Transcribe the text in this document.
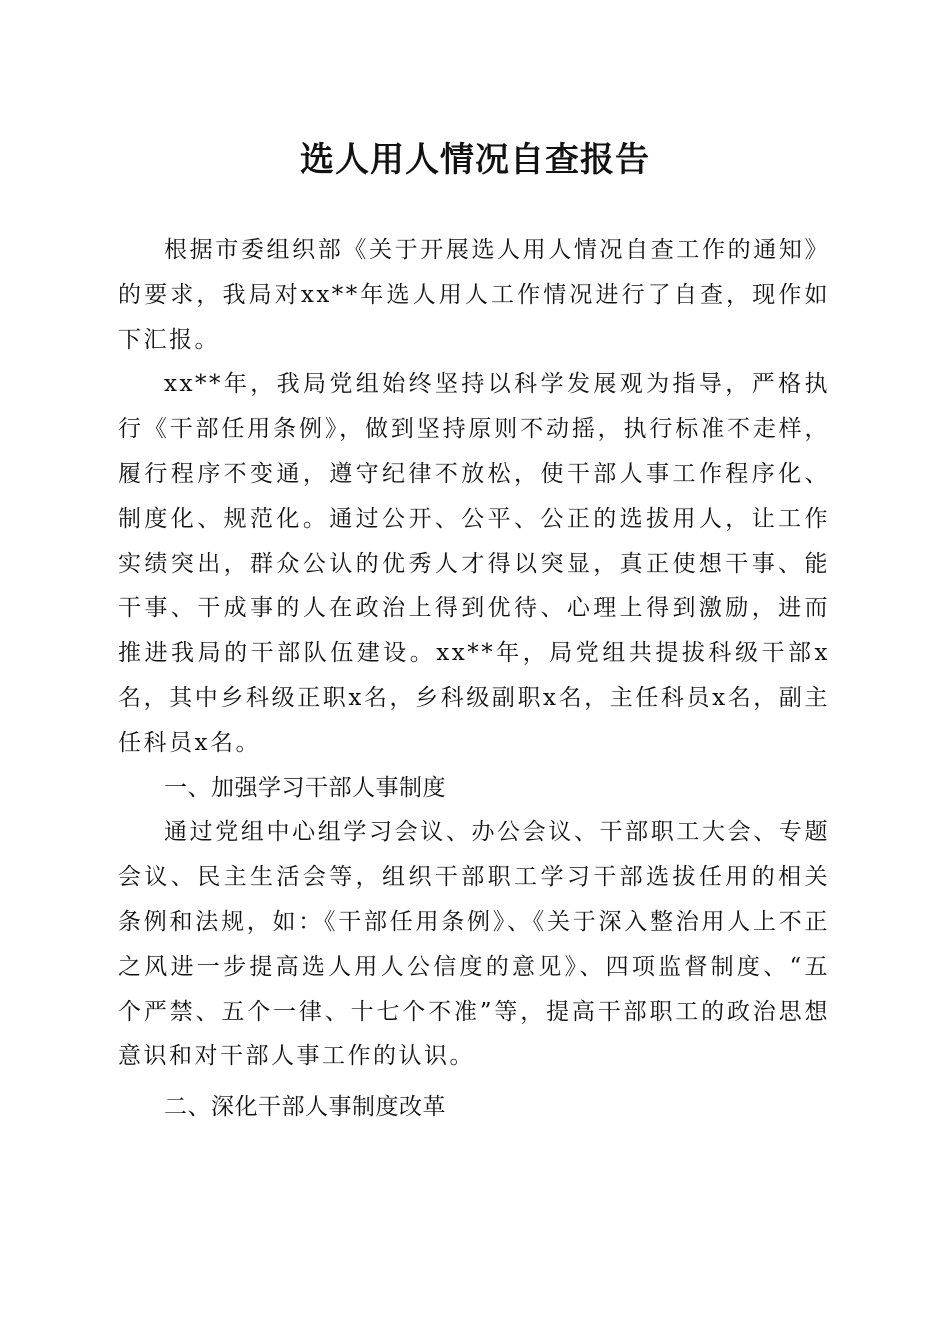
选人用人情况自查报告

根据市委组织部《关于开展选人用人情况自查工作的通知》的要求，我局对xx**年选人用人工作情况进行了自查，现作如下汇报。

xx**年，我局党组始终坚持以科学发展观为指导，严格执行《干部任用条例》，做到坚持原则不动摇，执行标准不走样，履行程序不变通，遵守纪律不放松，使干部人事工作程序化、制度化、规范化。通过公开、公平、公正的选拔用人，让工作实绩突出，群众公认的优秀人才得以突显，真正使想干事、能干事、干成事的人在政治上得到优待、心理上得到激励，进而推进我局的干部队伍建设。xx**年，局党组共提拔科级干部x名，其中乡科级正职x名，乡科级副职x名，主任科员x名，副主任科员x名。

一、加强学习干部人事制度

通过党组中心组学习会议、办公会议、干部职工大会、专题会议、民主生活会等，组织干部职工学习干部选拔任用的相关条例和法规，如：《干部任用条例》、《关于深入整治用人上不正之风进一步提高选人用人公信度的意见》、四项监督制度、“五个严禁、五个一律、十七个不准”等，提高干部职工的政治思想意识和对干部人事工作的认识。

二、深化干部人事制度改革
